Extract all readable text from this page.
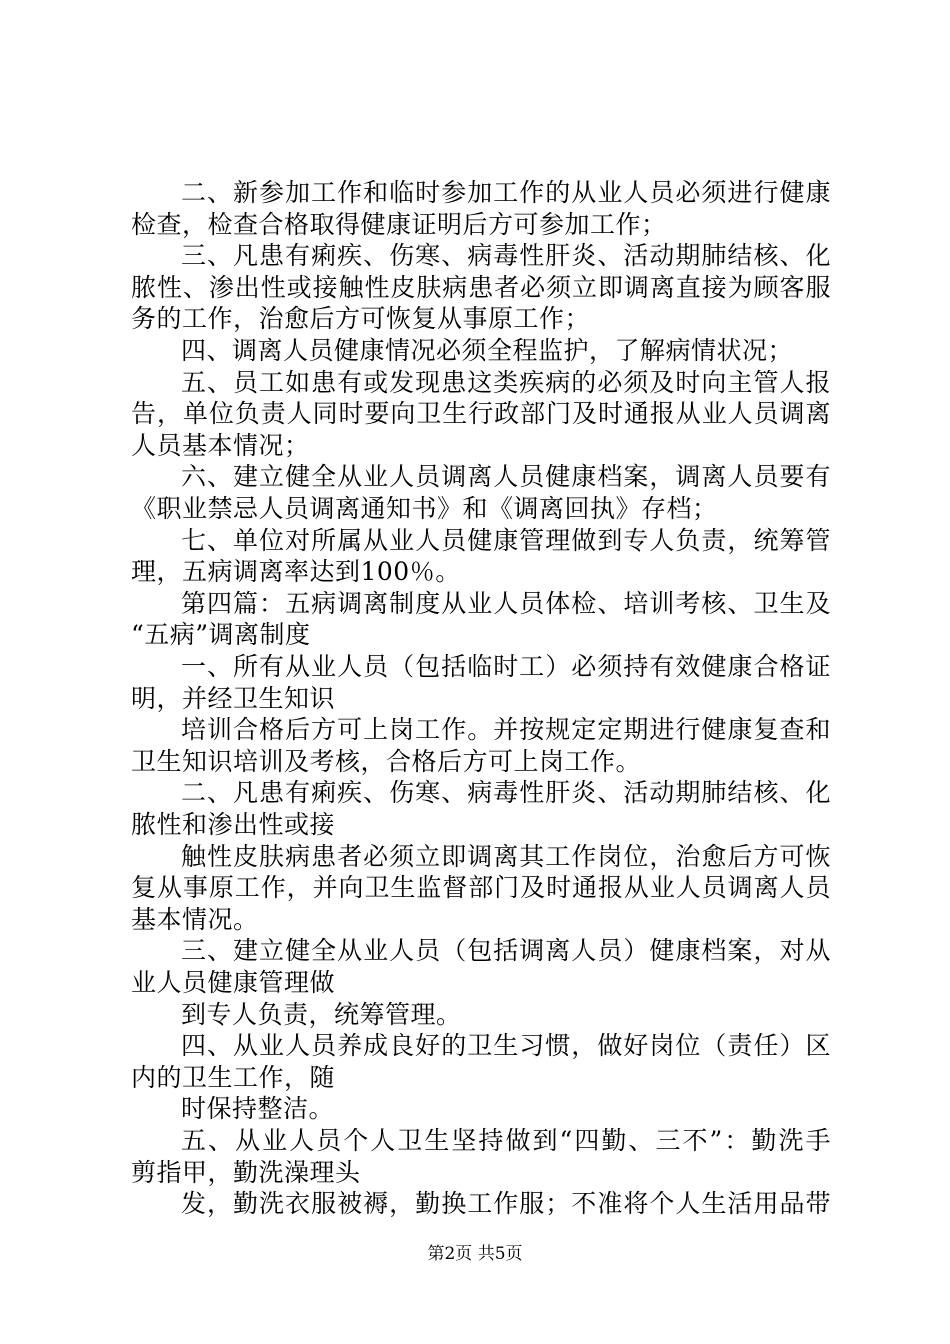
二、新参加工作和临时参加工作的从业人员必须进行健康
检查，检查合格取得健康证明后方可参加工作；
三、凡患有痢疾、伤寒、病毒性肝炎、活动期肺结核、化
脓性、渗出性或接触性皮肤病患者必须立即调离直接为顾客服
务的工作，治愈后方可恢复从事原工作；
四、调离人员健康情况必须全程监护，了解病情状况；
五、员工如患有或发现患这类疾病的必须及时向主管人报
告，单位负责人同时要向卫生行政部门及时通报从业人员调离
人员基本情况；
六、建立健全从业人员调离人员健康档案，调离人员要有
《职业禁忌人员调离通知书》和《调离回执》存档；
七、单位对所属从业人员健康管理做到专人负责，统筹管
理，五病调离率达到100％。
第四篇：五病调离制度从业人员体检、培训考核、卫生及
“五病”调离制度
一、所有从业人员（包括临时工）必须持有效健康合格证
明，并经卫生知识
培训合格后方可上岗工作。并按规定定期进行健康复查和
卫生知识培训及考核，合格后方可上岗工作。
二、凡患有痢疾、伤寒、病毒性肝炎、活动期肺结核、化
脓性和渗出性或接
触性皮肤病患者必须立即调离其工作岗位，治愈后方可恢
复从事原工作，并向卫生监督部门及时通报从业人员调离人员
基本情况。
三、建立健全从业人员（包括调离人员）健康档案，对从
业人员健康管理做
到专人负责，统筹管理。
四、从业人员养成良好的卫生习惯，做好岗位（责任）区
内的卫生工作，随
时保持整洁。
五、从业人员个人卫生坚持做到“四勤、三不”：勤洗手
剪指甲，勤洗澡理头
发，勤洗衣服被褥，勤换工作服；不准将个人生活用品带
第2页 共5页
